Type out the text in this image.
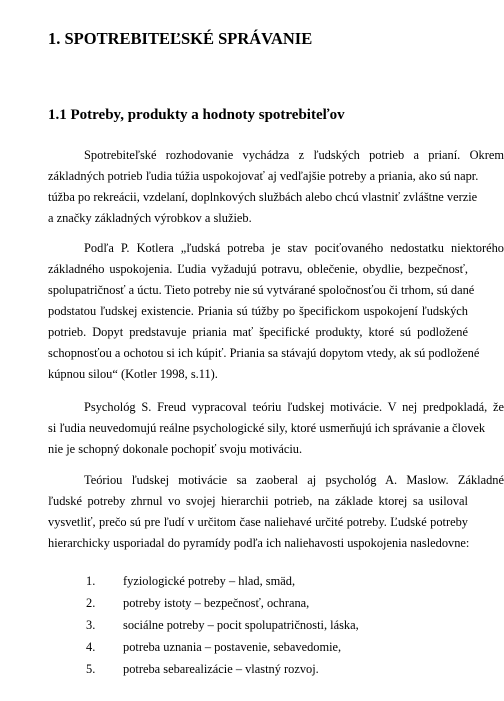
1. SPOTREBITEĽSKÉ SPRÁVANIE
1.1 Potreby, produkty a hodnoty spotrebiteľov
Spotrebiteľské rozhodovanie vychádza z ľudských potrieb a prianí. Okrem
základných potrieb ľudia túžia uspokojovať aj vedľajšie potreby a priania, ako sú napr.
túžba po rekreácii, vzdelaní, doplnkových službách alebo chcú vlastniť zvláštne verzie
a značky základných výrobkov a služieb.
Podľa P. Kotlera „ľudská potreba je stav pociťovaného nedostatku niektorého
základného uspokojenia. Ľudia vyžadujú potravu, oblečenie, obydlie, bezpečnosť,
spolupatričnosť a úctu. Tieto potreby nie sú vytvárané spoločnosťou či trhom, sú dané
podstatou ľudskej existencie. Priania sú túžby po špecifickom uspokojení ľudských
potrieb. Dopyt predstavuje priania mať špecifické produkty, ktoré sú podložené
schopnosťou a ochotou si ich kúpiť. Priania sa stávajú dopytom vtedy, ak sú podložené
kúpnou silou“ (Kotler 1998, s.11).
Psychológ S. Freud vypracoval teóriu ľudskej motivácie. V nej predpokladá, že
si ľudia neuvedomujú reálne psychologické sily, ktoré usmerňujú ich správanie a človek
nie je schopný dokonale pochopiť svoju motiváciu.
Teóriou ľudskej motivácie sa zaoberal aj psychológ A. Maslow. Základné
ľudské potreby zhrnul vo svojej hierarchii potrieb, na základe ktorej sa usiloval
vysvetliť, prečo sú pre ľudí v určitom čase naliehavé určité potreby. Ľudské potreby
hierarchicky usporiadal do pyramídy podľa ich naliehavosti uspokojenia nasledovne:
1. fyziologické potreby – hlad, smäd,
2. potreby istoty – bezpečnosť, ochrana,
3. sociálne potreby – pocit spolupatričnosti, láska,
4. potreba uznania – postavenie, sebavedomie,
5. potreba sebarealizácie – vlastný rozvoj.
